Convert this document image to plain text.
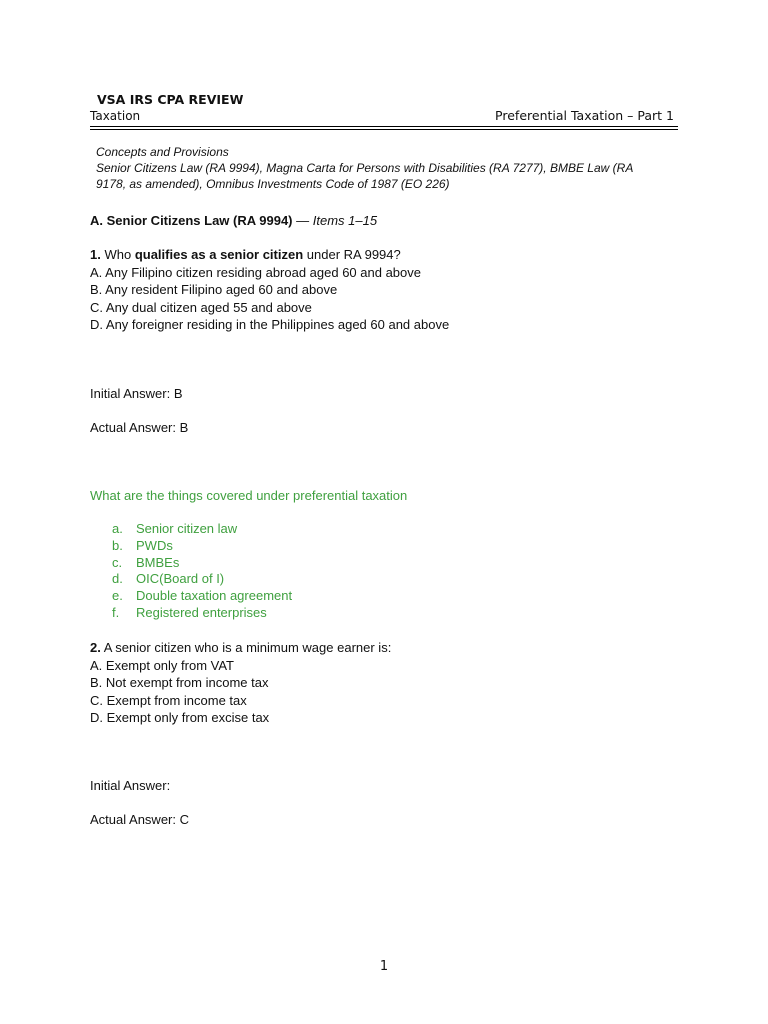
VSA IRS CPA REVIEW
Taxation	Preferential Taxation – Part 1
Concepts and Provisions
Senior Citizens Law (RA 9994), Magna Carta for Persons with Disabilities (RA 7277), BMBE Law (RA
9178, as amended), Omnibus Investments Code of 1987 (EO 226)
A. Senior Citizens Law (RA 9994) — Items 1–15
1. Who qualifies as a senior citizen under RA 9994?
A. Any Filipino citizen residing abroad aged 60 and above
B. Any resident Filipino aged 60 and above
C. Any dual citizen aged 55 and above
D. Any foreigner residing in the Philippines aged 60 and above
Initial Answer: B
Actual Answer: B
What are the things covered under preferential taxation
a. Senior citizen law
b. PWDs
c. BMBEs
d. OIC(Board of I)
e. Double taxation agreement
f. Registered enterprises
2. A senior citizen who is a minimum wage earner is:
A. Exempt only from VAT
B. Not exempt from income tax
C. Exempt from income tax
D. Exempt only from excise tax
Initial Answer:
Actual Answer: C
1
